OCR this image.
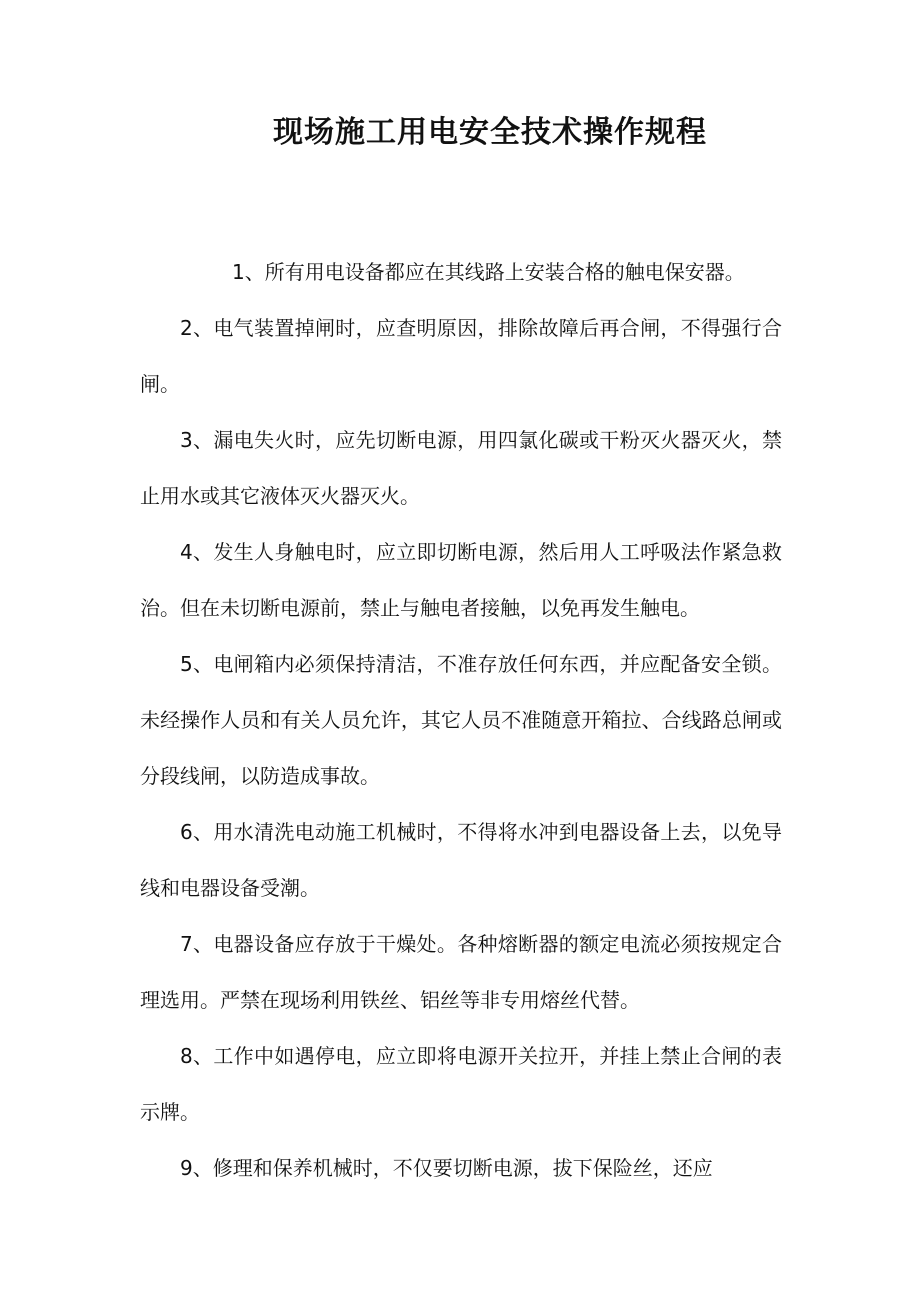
现场施工用电安全技术操作规程

1、所有用电设备都应在其线路上安装合格的触电保安器。

2、电气装置掉闸时，应查明原因，排除故障后再合闸，不得强行合闸。

3、漏电失火时，应先切断电源，用四氯化碳或干粉灭火器灭火，禁止用水或其它液体灭火器灭火。

4、发生人身触电时，应立即切断电源，然后用人工呼吸法作紧急救治。但在未切断电源前，禁止与触电者接触，以免再发生触电。

5、电闸箱内必须保持清洁，不准存放任何东西，并应配备安全锁。未经操作人员和有关人员允许，其它人员不准随意开箱拉、合线路总闸或分段线闸，以防造成事故。

6、用水清洗电动施工机械时，不得将水冲到电器设备上去，以免导线和电器设备受潮。

7、电器设备应存放于干燥处。各种熔断器的额定电流必须按规定合理选用。严禁在现场利用铁丝、铝丝等非专用熔丝代替。

8、工作中如遇停电，应立即将电源开关拉开，并挂上禁止合闸的表示牌。

9、修理和保养机械时，不仅要切断电源，拔下保险丝，还应
